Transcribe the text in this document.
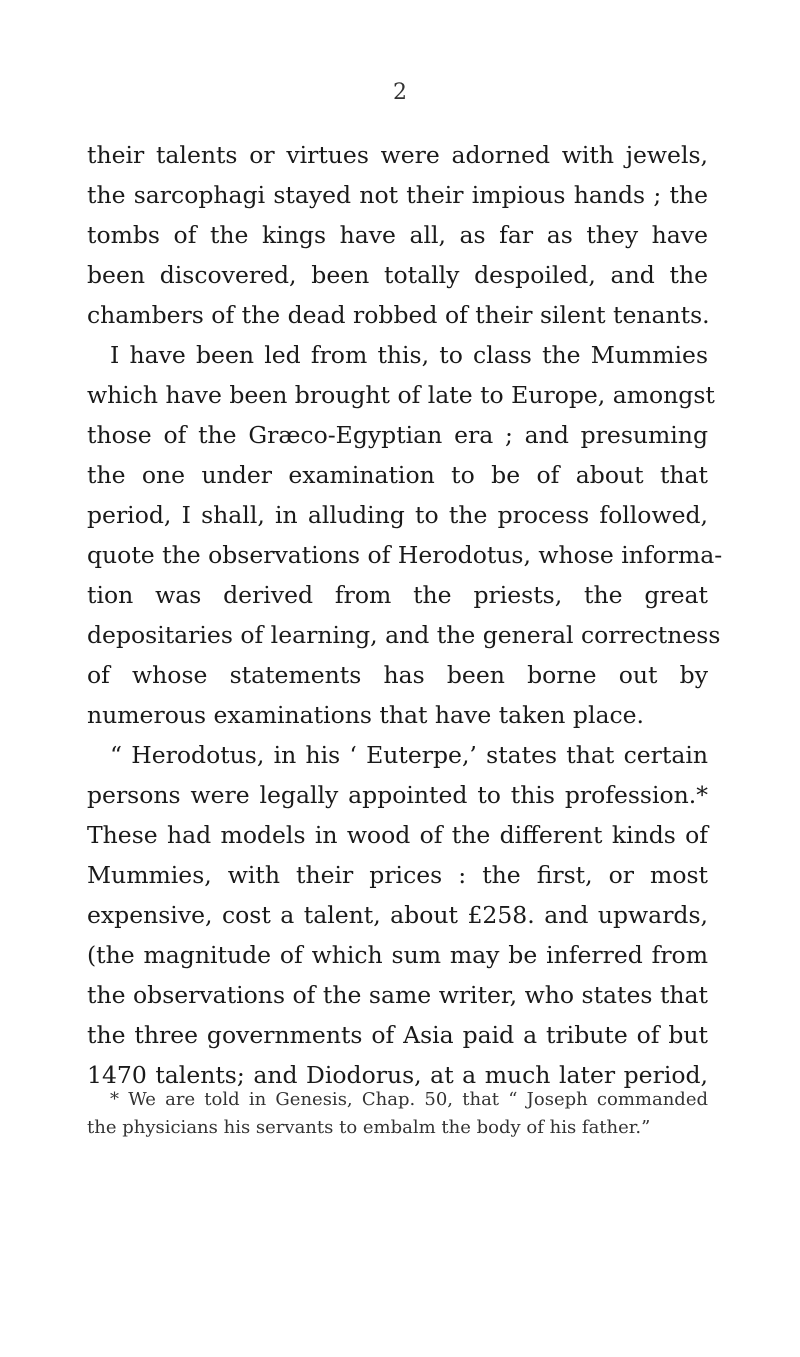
2
their talents or virtues were adorned with jewels,
the sarcophagi stayed not their impious hands ; the
tombs of the kings have all, as far as they have
been discovered, been totally despoiled, and the
chambers of the dead robbed of their silent tenants.
I have been led from this, to class the Mummies
which have been brought of late to Europe, amongst
those of the Græco-Egyptian era ; and presuming
the one under examination to be of about that
period, I shall, in alluding to the process followed,
quote the observations of Herodotus, whose informa-
tion was derived from the priests, the great
depositaries of learning, and the general correctness
of whose statements has been borne out by
numerous examinations that have taken place.
“ Herodotus, in his ‘ Euterpe,’ states that certain
persons were legally appointed to this profession.*
These had models in wood of the different kinds of
Mummies, with their prices : the first, or most
expensive, cost a talent, about £258. and upwards,
(the magnitude of which sum may be inferred from
the observations of the same writer, who states that
the three governments of Asia paid a tribute of but
1470 talents; and Diodorus, at a much later period,
* We are told in Genesis, Chap. 50, that “ Joseph commanded
the physicians his servants to embalm the body of his father.”
